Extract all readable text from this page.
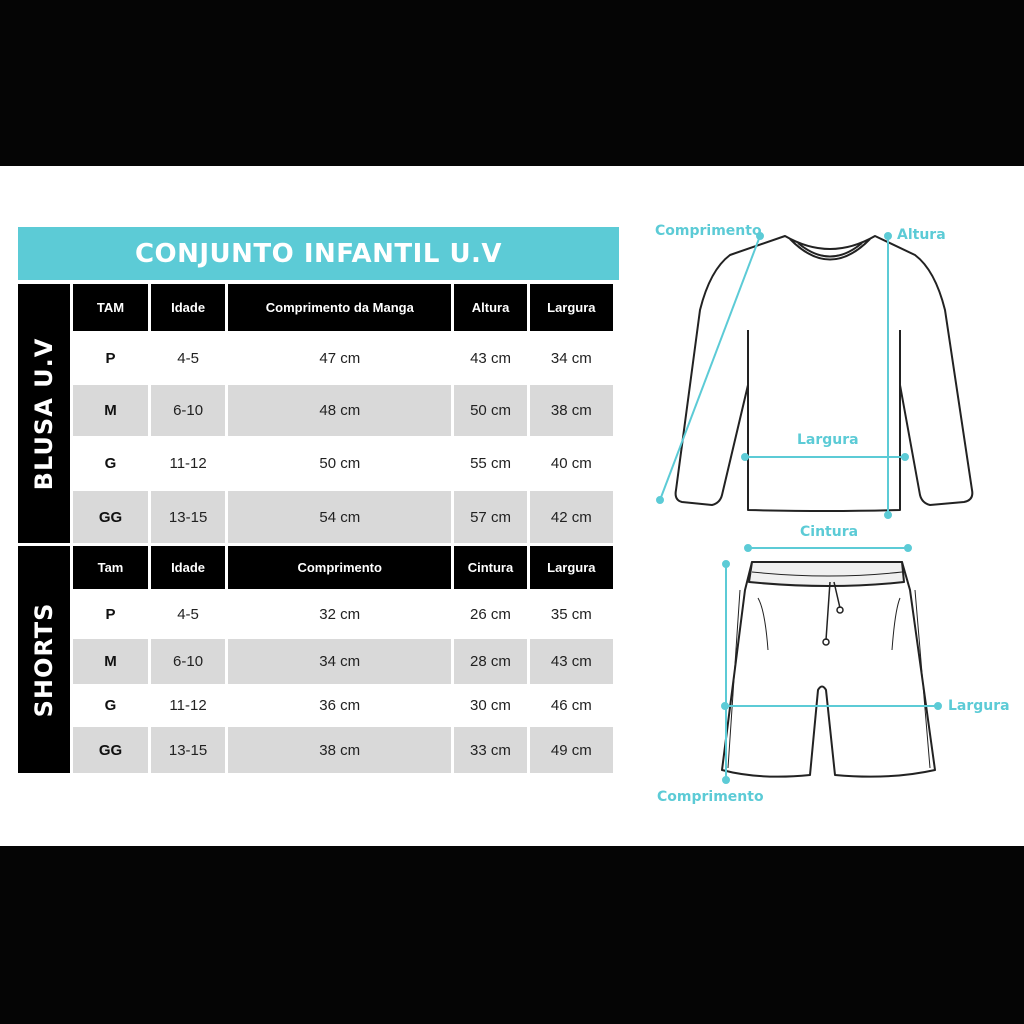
CONJUNTO INFANTIL U.V
BLUSA U.V
TAM	Idade	Comprimento da Manga	Altura	Largura
P	4-5	47 cm	43 cm	34 cm
M	6-10	48 cm	50 cm	38 cm
G	11-12	50 cm	55 cm	40 cm
GG	13-15	54 cm	57 cm	42 cm
SHORTS
Tam	Idade	Comprimento	Cintura	Largura
P	4-5	32 cm	26 cm	35 cm
M	6-10	34 cm	28 cm	43 cm
G	11-12	36 cm	30 cm	46 cm
GG	13-15	38 cm	33 cm	49 cm
Comprimento	Altura
Largura
Cintura
Largura
Comprimento
